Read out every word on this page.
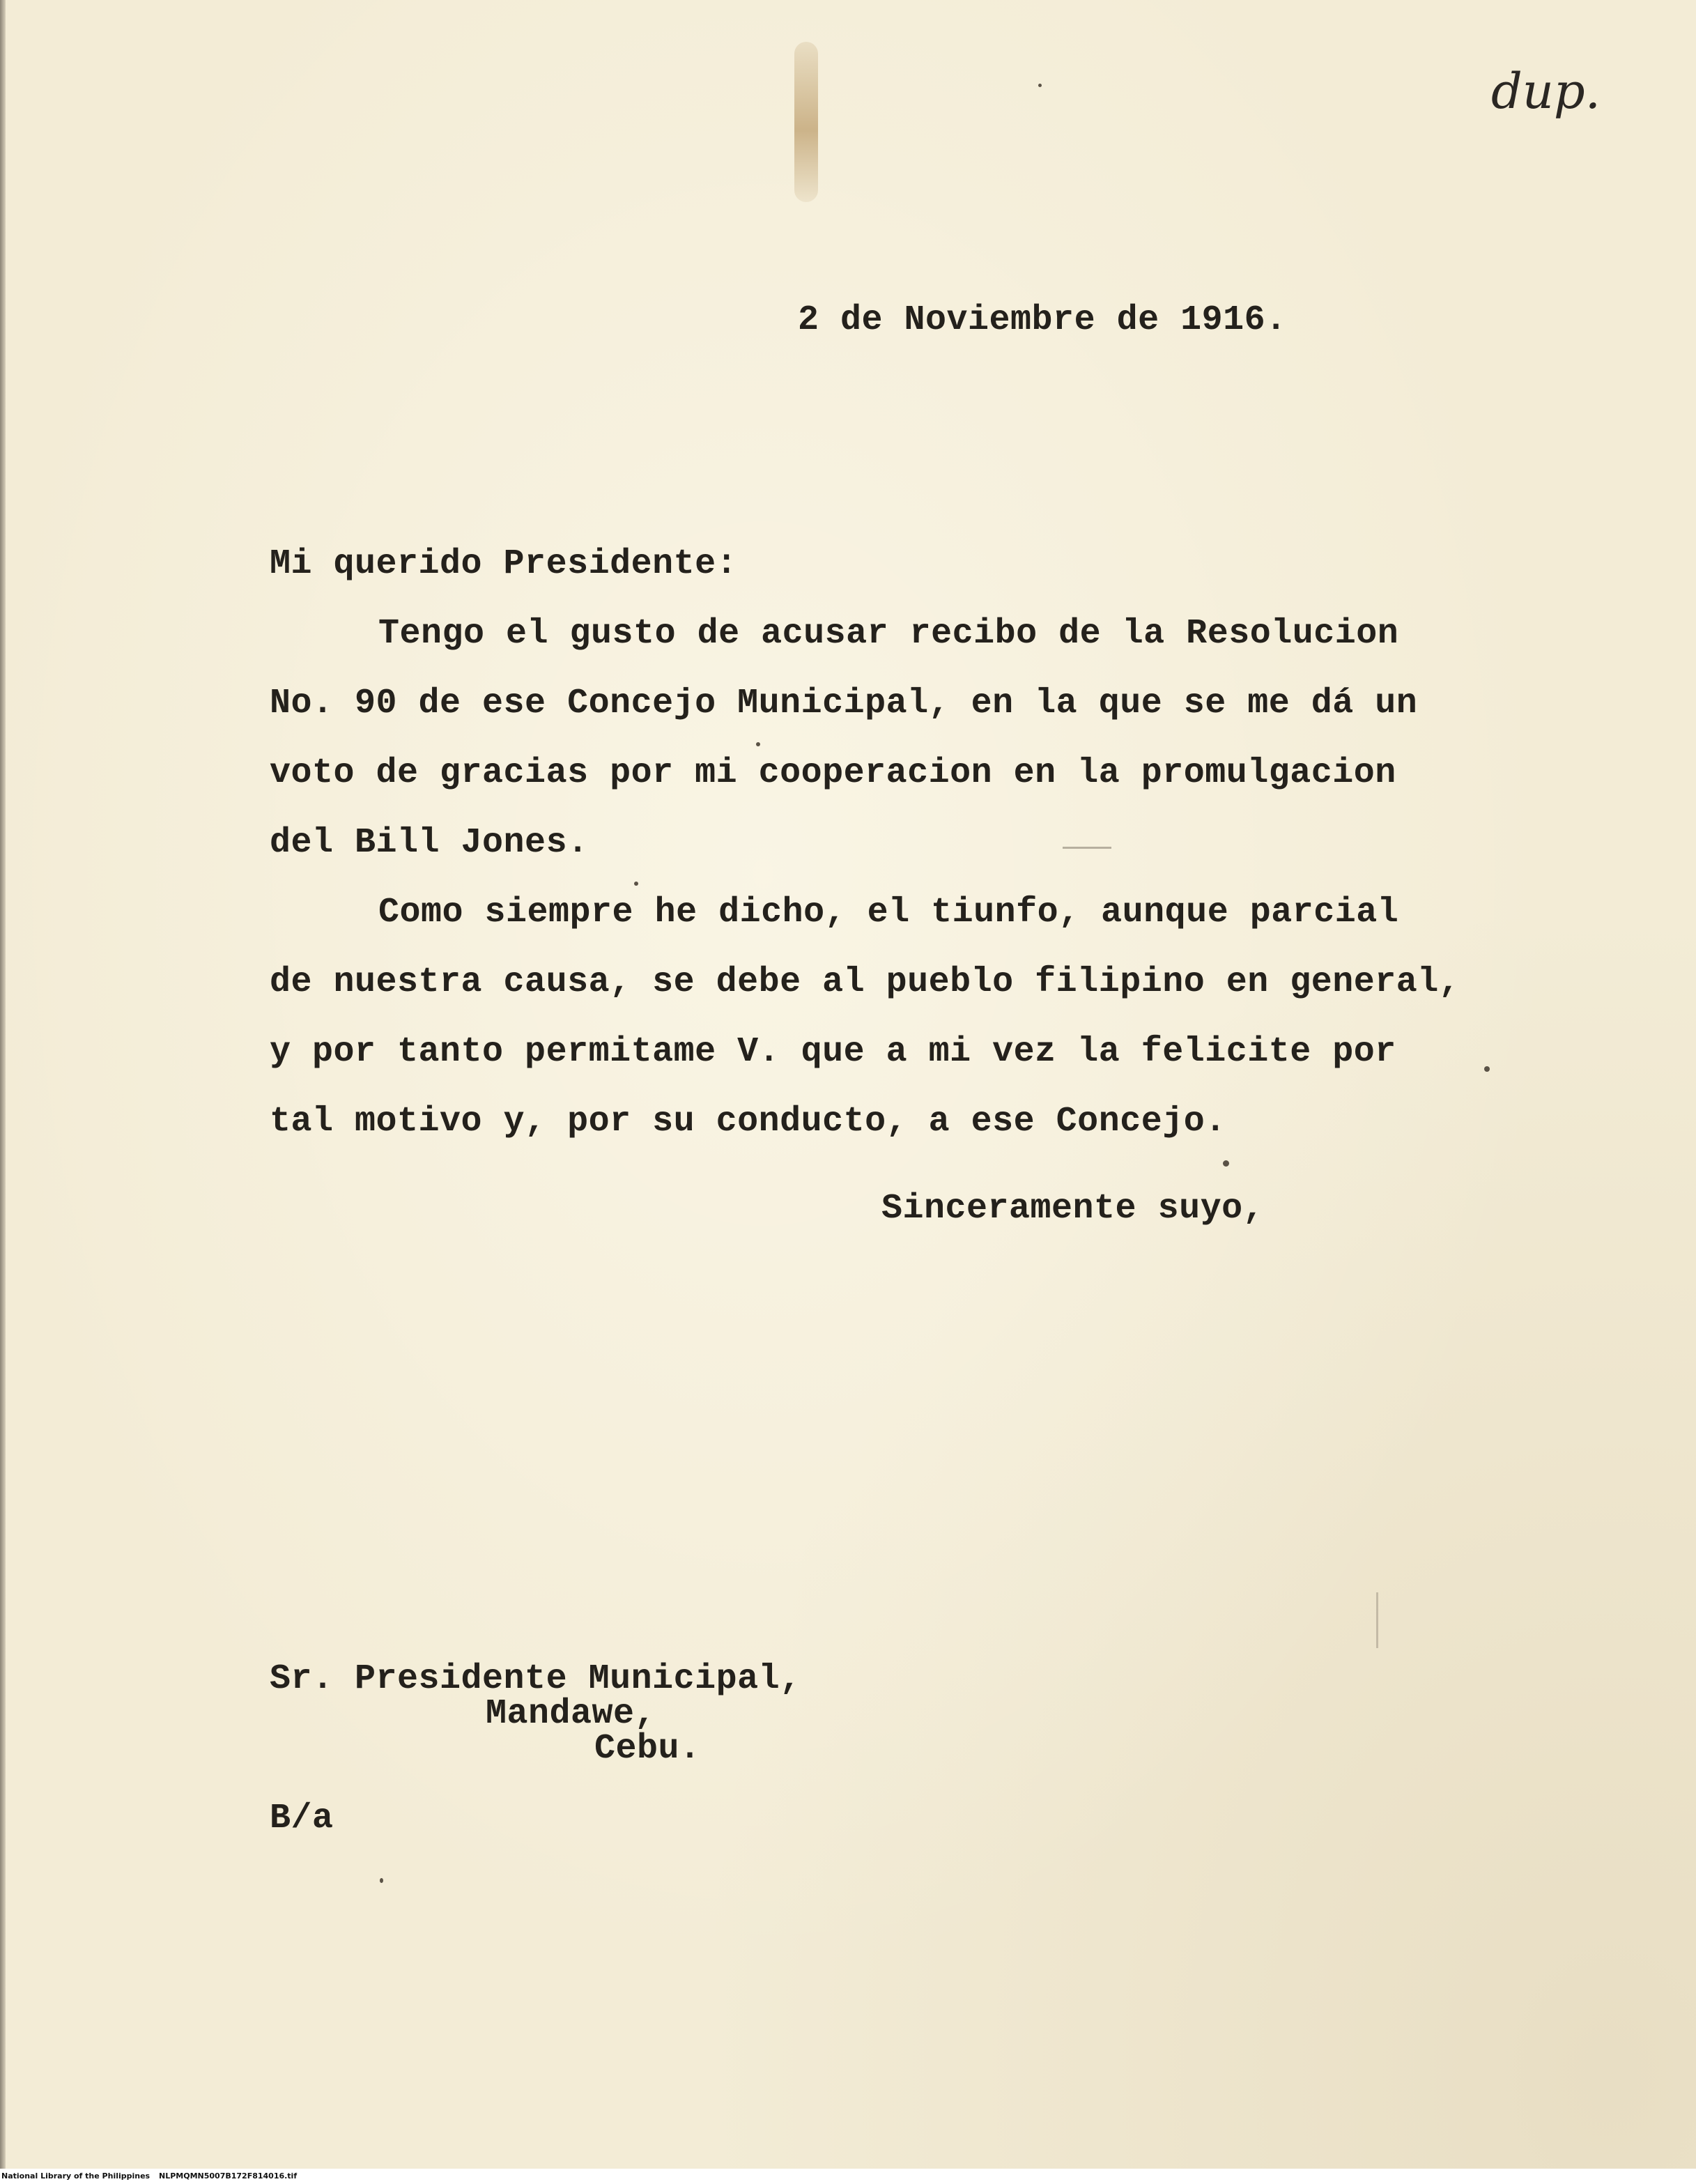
dup.
2 de Noviembre de 1916.
Mi querido Presidente:
Tengo el gusto de acusar recibo de la Resolucion
No. 90 de ese Concejo Municipal, en la que se me dá un
voto de gracias por mi cooperacion en la promulgacion
del Bill Jones.
Como siempre he dicho, el tiunfo, aunque parcial
de nuestra causa, se debe al pueblo filipino en general,
y por tanto permitame V. que a mi vez la felicite por
tal motivo y, por su conducto, a ese Concejo.
Sinceramente suyo,
Sr. Presidente Municipal,
Mandawe,
Cebu.
B/a
National Library of the Philippines NLPMQMN5007B172F814016.tif
